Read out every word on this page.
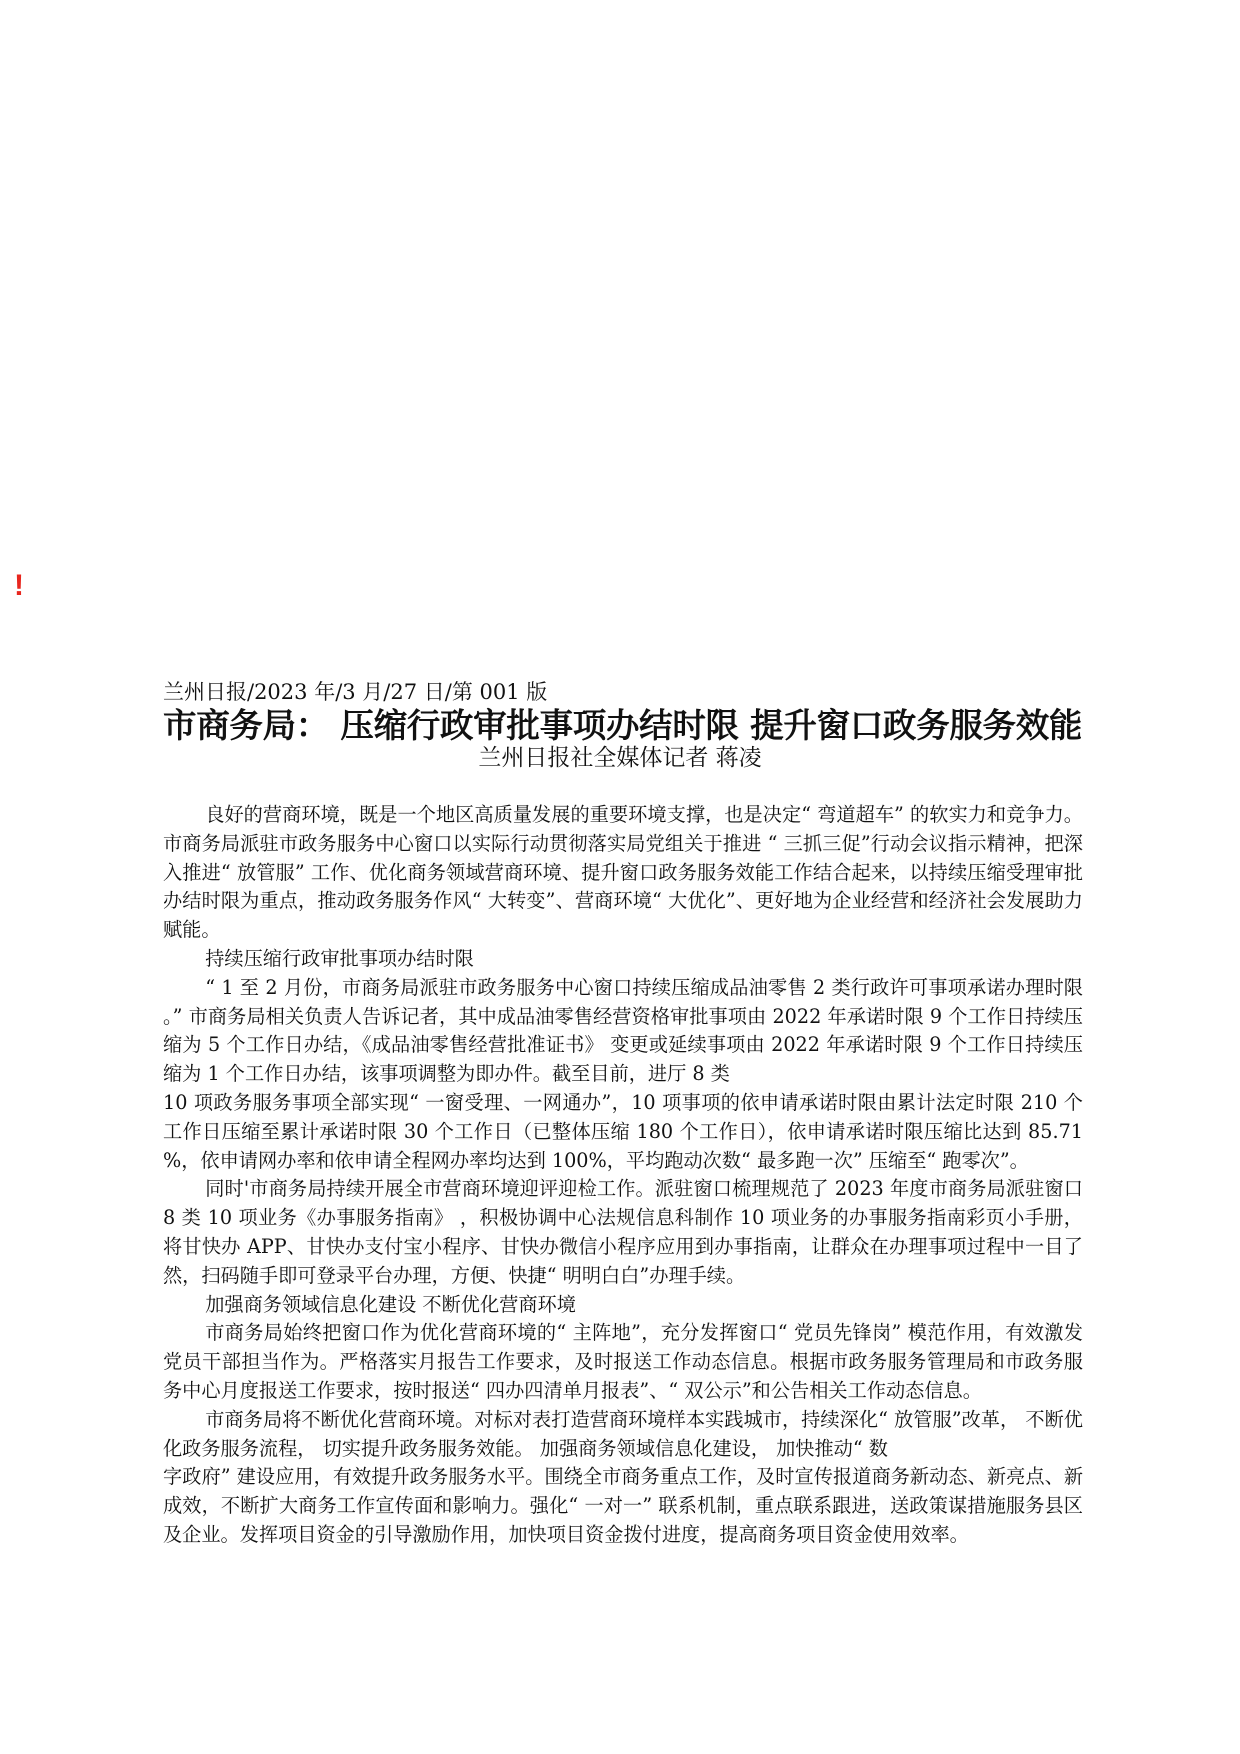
!
兰州日报/2023 年/3 月/27 日/第 001 版
市商务局： 压缩行政审批事项办结时限 提升窗口政务服务效能
兰州日报社全媒体记者 蒋凌

良好的营商环境，既是一个地区高质量发展的重要环境支撑，也是决定“ 弯道超车” 的软实力和竞争力。 市商务局派驻市政务服务中心窗口以实际行动贯彻落实局党组关于推进 “ 三抓三促”行动会议指示精神，把深入推进“ 放管服” 工作、优化商务领域营商环境、提升窗口政务服务效能工作结合起来，以持续压缩受理审批办结时限为重点，推动政务服务作风“ 大转变”、营商环境“ 大优化”、更好地为企业经营和经济社会发展助力赋能。

持续压缩行政审批事项办结时限

“ 1 至 2 月份，市商务局派驻市政务服务中心窗口持续压缩成品油零售 2 类行政许可事项承诺办理时限。” 市商务局相关负责人告诉记者，其中成品油零售经营资格审批事项由 2022 年承诺时限 9 个工作日持续压缩为 5 个工作日办结，《成品油零售经营批准证书》 变更或延续事项由 2022 年承诺时限 9 个工作日持续压缩为 1 个工作日办结，该事项调整为即办件。截至目前，进厅 8 类

10 项政务服务事项全部实现“ 一窗受理、一网通办”，10 项事项的依申请承诺时限由累计法定时限 210 个工作日压缩至累计承诺时限 30 个工作日（已整体压缩 180 个工作日），依申请承诺时限压缩比达到 85.71%，依申请网办率和依申请全程网办率均达到 100%，平均跑动次数“ 最多跑一次” 压缩至“ 跑零次”。

同时'市商务局持续开展全市营商环境迎评迎检工作。派驻窗口梳理规范了 2023 年度市商务局派驻窗口 8 类 10 项业务《办事服务指南》 ，积极协调中心法规信息科制作 10 项业务的办事服务指南彩页小手册，将甘快办 APP、甘快办支付宝小程序、甘快办微信小程序应用到办事指南，让群众在办理事项过程中一目了然，扫码随手即可登录平台办理，方便、快捷“ 明明白白”办理手续。

加强商务领域信息化建设 不断优化营商环境

市商务局始终把窗口作为优化营商环境的“ 主阵地”，充分发挥窗口“ 党员先锋岗” 模范作用，有效激发党员干部担当作为。严格落实月报告工作要求，及时报送工作动态信息。根据市政务服务管理局和市政务服务中心月度报送工作要求，按时报送“ 四办四清单月报表”、“ 双公示”和公告相关工作动态信息。

市商务局将不断优化营商环境。对标对表打造营商环境样本实践城市，持续深化“ 放管服”改革， 不断优化政务服务流程， 切实提升政务服务效能。 加强商务领域信息化建设， 加快推动“ 数

字政府” 建设应用，有效提升政务服务水平。围绕全市商务重点工作，及时宣传报道商务新动态、新亮点、新成效，不断扩大商务工作宣传面和影响力。强化“ 一对一” 联系机制，重点联系跟进，送政策谋措施服务县区及企业。发挥项目资金的引导激励作用，加快项目资金拨付进度，提高商务项目资金使用效率。
